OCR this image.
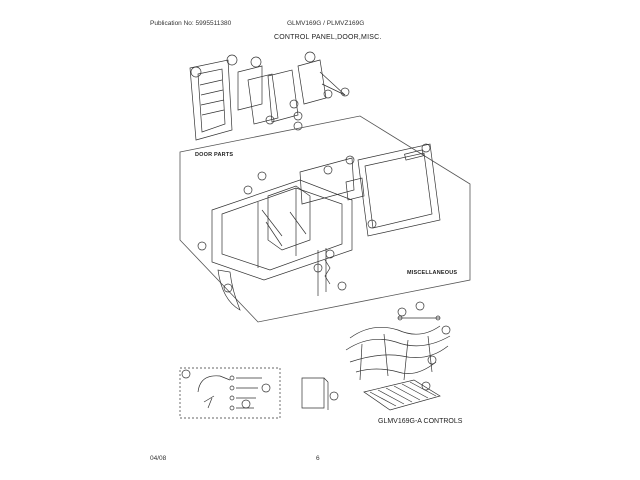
Publication No: 5995511380	GLMV169G / PLMVZ169G
CONTROL PANEL,DOOR,MISC.
DOOR PARTS
MISCELLANEOUS
GLMV169G-A CONTROLS
04/08	6
